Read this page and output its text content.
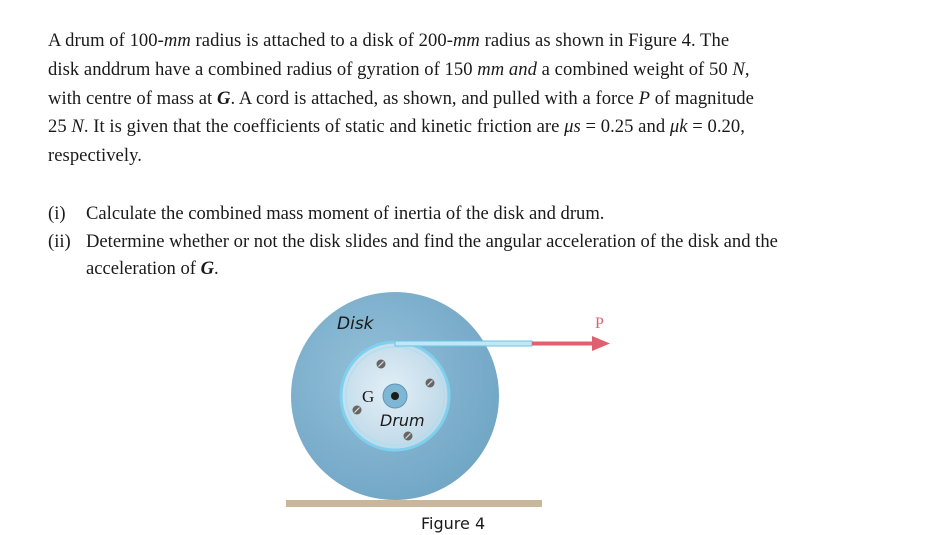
A drum of 100-mm radius is attached to a disk of 200-mm radius as shown in Figure 4. The

disk anddrum have a combined radius of gyration of 150 mm and a combined weight of 50 N,

with centre of mass at G. A cord is attached, as shown, and pulled with a force P of magnitude

25 N. It is given that the coefficients of static and kinetic friction are μs = 0.25 and μk = 0.20,

respectively.

(i)	Calculate the combined mass moment of inertia of the disk and drum.
(ii) Determine whether or not the disk slides and find the angular acceleration of the disk and the
acceleration of G.
Disk
Drum
G
P
Figure 4
